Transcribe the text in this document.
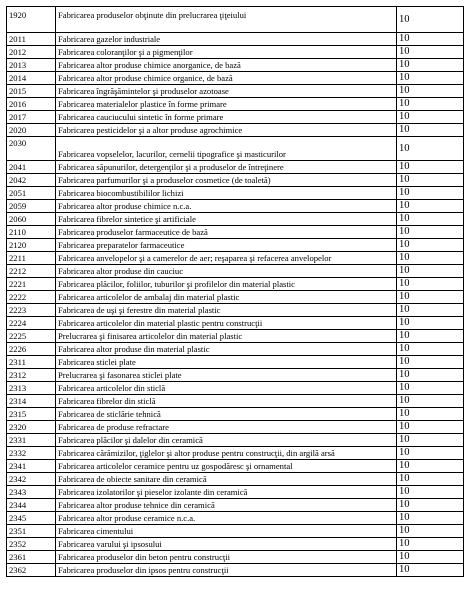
1920	Fabricarea produselor obţinute din prelucrarea ţiţeiului	10
2011	Fabricarea gazelor industriale	10
2012	Fabricarea coloranţilor şi a pigmenţilor	10
2013	Fabricarea altor produse chimice anorganice, de bază	10
2014	Fabricarea altor produse chimice organice, de bază	10
2015	Fabricarea îngrăşămintelor şi produselor azotoase	10
2016	Fabricarea materialelor plastice în forme primare	10
2017	Fabricarea cauciucului sintetic în forme primare	10
2020	Fabricarea pesticidelor şi a altor produse agrochimice	10
2030	Fabricarea vopselelor, lacurilor, cernelii tipografice şi masticurilor	10
2041	Fabricarea săpunurilor, detergenţilor şi a produselor de întreţinere	10
2042	Fabricarea parfumurilor şi a produselor cosmetice (de toaletă)	10
2051	Fabricarea biocombustibililor lichizi	10
2059	Fabricarea altor produse chimice n.c.a.	10
2060	Fabricarea fibrelor sintetice şi artificiale	10
2110	Fabricarea produselor farmaceutice de bază	10
2120	Fabricarea preparatelor farmaceutice	10
2211	Fabricarea anvelopelor şi a camerelor de aer; reşaparea şi refacerea anvelopelor	10
2212	Fabricarea altor produse din cauciuc	10
2221	Fabricarea plăcilor, foliilor, tuburilor şi profilelor din material plastic	10
2222	Fabricarea articolelor de ambalaj din material plastic	10
2223	Fabricarea de uşi şi ferestre din material plastic	10
2224	Fabricarea articolelor din material plastic pentru construcţii	10
2225	Prelucrarea şi finisarea articolelor din material plastic	10
2226	Fabricarea altor produse din material plastic	10
2311	Fabricarea sticlei plate	10
2312	Prelucrarea şi fasonarea sticlei plate	10
2313	Fabricarea articolelor din sticlă	10
2314	Fabricarea fibrelor din sticlă	10
2315	Fabricarea de sticlărie tehnică	10
2320	Fabricarea de produse refractare	10
2331	Fabricarea plăcilor şi dalelor din ceramică	10
2332	Fabricarea cărămizilor, ţiglelor şi altor produse pentru construcţii, din argilă arsă	10
2341	Fabricarea articolelor ceramice pentru uz gospodăresc şi ornamental	10
2342	Fabricarea de obiecte sanitare din ceramică	10
2343	Fabricarea izolatorilor şi pieselor izolante din ceramică	10
2344	Fabricarea altor produse tehnice din ceramică	10
2345	Fabricarea altor produse ceramice n.c.a.	10
2351	Fabricarea cimentului	10
2352	Fabricarea varului şi ipsosului	10
2361	Fabricarea produselor din beton pentru construcţii	10
2362	Fabricarea produselor din ipsos pentru construcţii	10
